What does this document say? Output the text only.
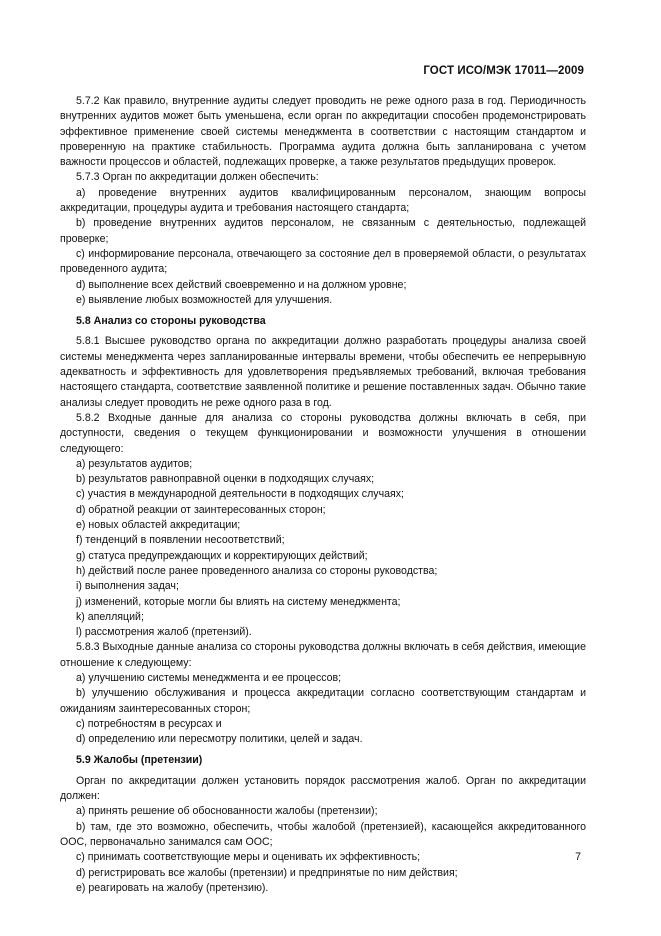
ГОСТ ИСО/МЭК 17011—2009

5.7.2 Как правило, внутренние аудиты следует проводить не реже одного раза в год. Периодичность внутренних аудитов может быть уменьшена, если орган по аккредитации способен продемонстрировать эффективное применение своей системы менеджмента в соответствии с настоящим стандартом и проверенную на практике стабильность. Программа аудита должна быть запланирована с учетом важности процессов и областей, подлежащих проверке, а также результатов предыдущих проверок.

5.7.3 Орган по аккредитации должен обеспечить:

а) проведение внутренних аудитов квалифицированным персоналом, знающим вопросы аккредитации, процедуры аудита и требования настоящего стандарта;

b) проведение внутренних аудитов персоналом, не связанным с деятельностью, подлежащей проверке;

c) информирование персонала, отвечающего за состояние дел в проверяемой области, о результатах проведенного аудита;

d) выполнение всех действий своевременно и на должном уровне;

e) выявление любых возможностей для улучшения.

5.8 Анализ со стороны руководства

5.8.1 Высшее руководство органа по аккредитации должно разработать процедуры анализа своей системы менеджмента через запланированные интервалы времени, чтобы обеспечить ее непрерывную адекватность и эффективность для удовлетворения предъявляемых требований, включая требования настоящего стандарта, соответствие заявленной политике и решение поставленных задач. Обычно такие анализы следует проводить не реже одного раза в год.

5.8.2 Входные данные для анализа со стороны руководства должны включать в себя, при доступности, сведения о текущем функционировании и возможности улучшения в отношении следующего:

a) результатов аудитов;

b) результатов равноправной оценки в подходящих случаях;

c) участия в международной деятельности в подходящих случаях;

d) обратной реакции от заинтересованных сторон;

e) новых областей аккредитации;

f) тенденций в появлении несоответствий;

g) статуса предупреждающих и корректирующих действий;

h) действий после ранее проведенного анализа со стороны руководства;

i) выполнения задач;

j) изменений, которые могли бы влиять на систему менеджмента;

k) апелляций;

l) рассмотрения жалоб (претензий).

5.8.3 Выходные данные анализа со стороны руководства должны включать в себя действия, имеющие отношение к следующему:

a) улучшению системы менеджмента и ее процессов;

b) улучшению обслуживания и процесса аккредитации согласно соответствующим стандартам и ожиданиям заинтересованных сторон;

c) потребностям в ресурсах и

d) определению или пересмотру политики, целей и задач.

5.9 Жалобы (претензии)

Орган по аккредитации должен установить порядок рассмотрения жалоб. Орган по аккредитации должен:

a) принять решение об обоснованности жалобы (претензии);

b) там, где это возможно, обеспечить, чтобы жалобой (претензией), касающейся аккредитованного ООС, первоначально занимался сам ООС;

c) принимать соответствующие меры и оценивать их эффективность;

d) регистрировать все жалобы (претензии) и предпринятые по ним действия;

e) реагировать на жалобу (претензию).

7
